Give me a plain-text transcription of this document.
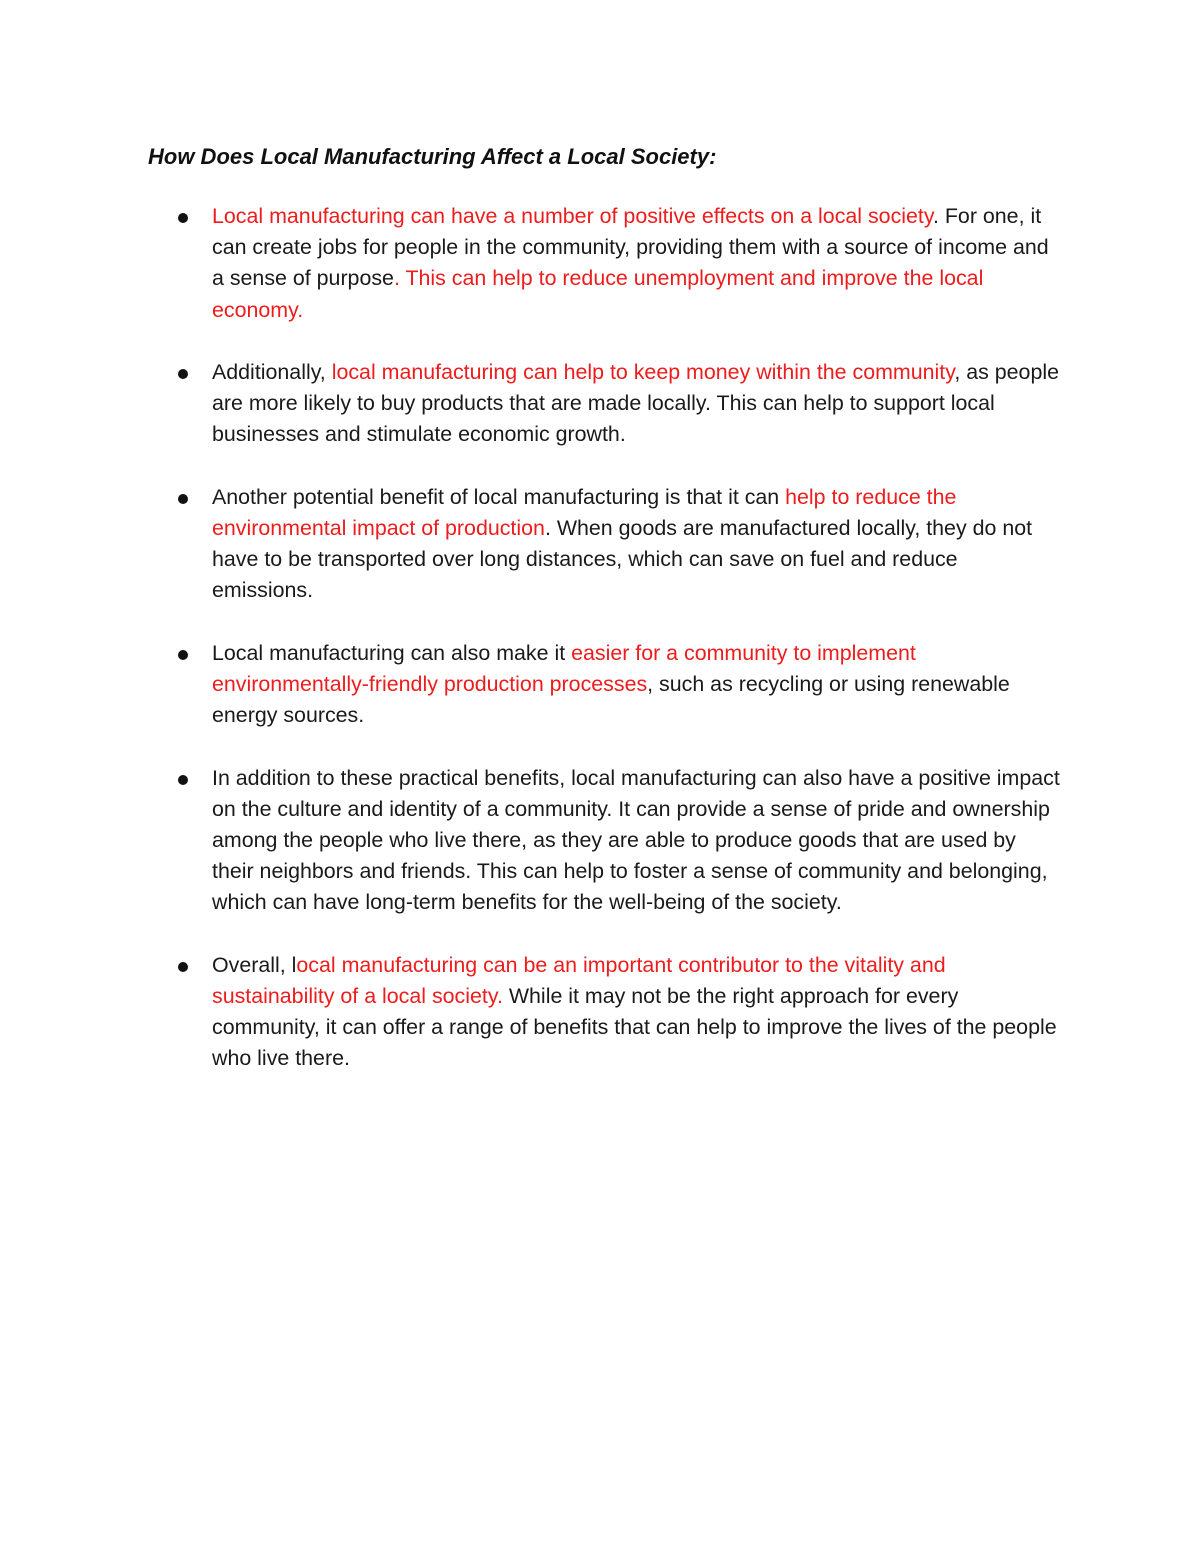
How Does Local Manufacturing Affect a Local Society:
Local manufacturing can have a number of positive effects on a local society. For one, it can create jobs for people in the community, providing them with a source of income and a sense of purpose. This can help to reduce unemployment and improve the local economy.
Additionally, local manufacturing can help to keep money within the community, as people are more likely to buy products that are made locally. This can help to support local businesses and stimulate economic growth.
Another potential benefit of local manufacturing is that it can help to reduce the environmental impact of production. When goods are manufactured locally, they do not have to be transported over long distances, which can save on fuel and reduce emissions.
Local manufacturing can also make it easier for a community to implement environmentally-friendly production processes, such as recycling or using renewable energy sources.
In addition to these practical benefits, local manufacturing can also have a positive impact on the culture and identity of a community. It can provide a sense of pride and ownership among the people who live there, as they are able to produce goods that are used by their neighbors and friends. This can help to foster a sense of community and belonging, which can have long-term benefits for the well-being of the society.
Overall, local manufacturing can be an important contributor to the vitality and sustainability of a local society. While it may not be the right approach for every community, it can offer a range of benefits that can help to improve the lives of the people who live there.
